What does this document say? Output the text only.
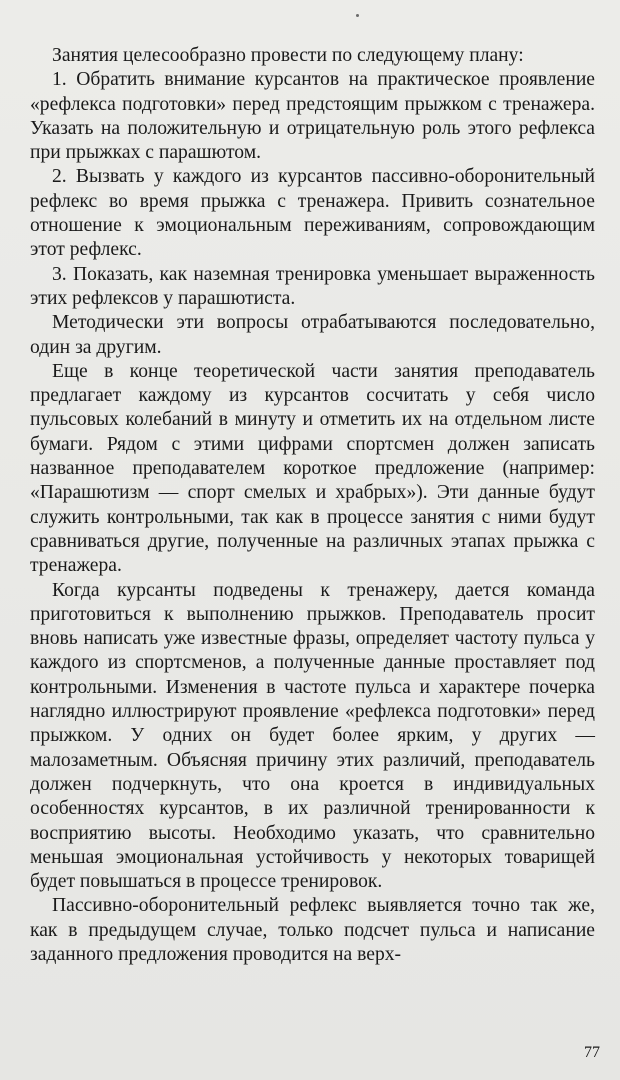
Занятия целесообразно провести по следующему плану:

1. Обратить внимание курсантов на практическое проявление «рефлекса подготовки» перед предстоящим прыжком с тренажера. Указать на положительную и отрицательную роль этого рефлекса при прыжках с парашютом.

2. Вызвать у каждого из курсантов пассивно-оборонительный рефлекс во время прыжка с тренажера. Привить сознательное отношение к эмоциональным переживаниям, сопровождающим этот рефлекс.

3. Показать, как наземная тренировка уменьшает выраженность этих рефлексов у парашютиста.

Методически эти вопросы отрабатываются последовательно, один за другим.

Еще в конце теоретической части занятия преподаватель предлагает каждому из курсантов сосчитать у себя число пульсовых колебаний в минуту и отметить их на отдельном листе бумаги. Рядом с этими цифрами спортсмен должен записать названное преподавателем короткое предложение (например: «Парашютизм — спорт смелых и храбрых»). Эти данные будут служить контрольными, так как в процессе занятия с ними будут сравниваться другие, полученные на различных этапах прыжка с тренажера.

Когда курсанты подведены к тренажеру, дается команда приготовиться к выполнению прыжков. Преподаватель просит вновь написать уже известные фразы, определяет частоту пульса у каждого из спортсменов, а полученные данные проставляет под контрольными. Изменения в частоте пульса и характере почерка наглядно иллюстрируют проявление «рефлекса подготовки» перед прыжком. У одних он будет более ярким, у других — малозаметным. Объясняя причину этих различий, преподаватель должен подчеркнуть, что она кроется в индивидуальных особенностях курсантов, в их различной тренированности к восприятию высоты. Необходимо указать, что сравнительно меньшая эмоциональная устойчивость у некоторых товарищей будет повышаться в процессе тренировок.

Пассивно-оборонительный рефлекс выявляется точно так же, как в предыдущем случае, только подсчет пульса и написание заданного предложения проводится на верх-

77
